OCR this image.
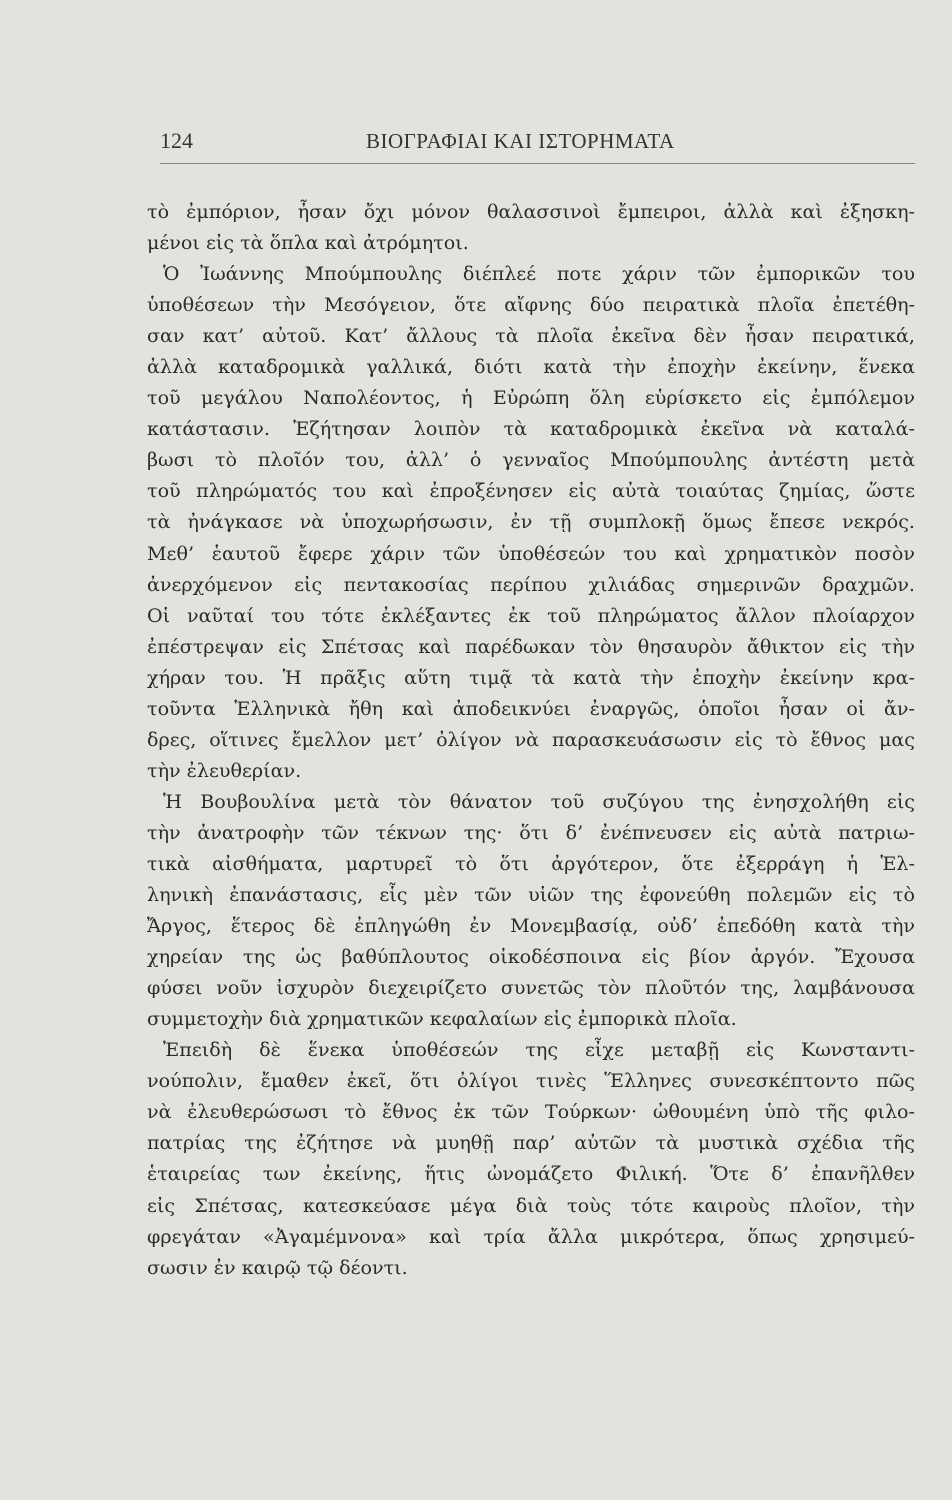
124	ΒΙΟΓΡΑΦΙΑΙ ΚΑΙ ΙΣΤΟΡΗΜΑΤΑ
τὸ ἐμπόριον, ἦσαν ὄχι μόνον θαλασσινοὶ ἔμπειροι, ἀλλὰ καὶ ἐξησκη-
μένοι εἰς τὰ ὅπλα καὶ ἀτρόμητοι.
Ὁ Ἰωάννης Μπούμπουλης διέπλεέ ποτε χάριν τῶν ἐμπορικῶν του
ὑποθέσεων τὴν Μεσόγειον, ὅτε αἴφνης δύο πειρατικὰ πλοῖα ἐπετέθη-
σαν κατ’ αὐτοῦ. Κατ’ ἄλλους τὰ πλοῖα ἐκεῖνα δὲν ἦσαν πειρατικά,
ἀλλὰ καταδρομικὰ γαλλικά, διότι κατὰ τὴν ἐποχὴν ἐκείνην, ἕνεκα
τοῦ μεγάλου Ναπολέοντος, ἡ Εὐρώπη ὅλη εὑρίσκετο εἰς ἐμπόλεμον
κατάστασιν. Ἐζήτησαν λοιπὸν τὰ καταδρομικὰ ἐκεῖνα νὰ καταλά-
βωσι τὸ πλοῖόν του, ἀλλ’ ὁ γενναῖος Μπούμπουλης ἀντέστη μετὰ
τοῦ πληρώματός του καὶ ἐπροξένησεν εἰς αὐτὰ τοιαύτας ζημίας, ὥστε
τὰ ἠνάγκασε νὰ ὑποχωρήσωσιν, ἐν τῇ συμπλοκῇ ὅμως ἔπεσε νεκρός.
Μεθ’ ἑαυτοῦ ἔφερε χάριν τῶν ὑποθέσεών του καὶ χρηματικὸν ποσὸν
ἀνερχόμενον εἰς πεντακοσίας περίπου χιλιάδας σημερινῶν δραχμῶν.
Οἱ ναῦταί του τότε ἐκλέξαντες ἐκ τοῦ πληρώματος ἄλλον πλοίαρχον
ἐπέστρεψαν εἰς Σπέτσας καὶ παρέδωκαν τὸν θησαυρὸν ἄθικτον εἰς τὴν
χήραν του. Ἡ πρᾶξις αὕτη τιμᾷ τὰ κατὰ τὴν ἐποχὴν ἐκείνην κρα-
τοῦντα Ἑλληνικὰ ἤθη καὶ ἀποδεικνύει ἐναργῶς, ὁποῖοι ἦσαν οἱ ἄν-
δρες, οἵτινες ἔμελλον μετ’ ὀλίγον νὰ παρασκευάσωσιν εἰς τὸ ἔθνος μας
τὴν ἐλευθερίαν.
Ἡ Βουβουλίνα μετὰ τὸν θάνατον τοῦ συζύγου της ἐνησχολήθη εἰς
τὴν ἀνατροφὴν τῶν τέκνων της· ὅτι δ’ ἐνέπνευσεν εἰς αὐτὰ πατριω-
τικὰ αἰσθήματα, μαρτυρεῖ τὸ ὅτι ἀργότερον, ὅτε ἐξερράγη ἡ Ἑλ-
ληνικὴ ἐπανάστασις, εἷς μὲν τῶν υἱῶν της ἐφονεύθη πολεμῶν εἰς τὸ
Ἄργος, ἕτερος δὲ ἐπληγώθη ἐν Μονεμβασίᾳ, οὐδ’ ἐπεδόθη κατὰ τὴν
χηρείαν της ὡς βαθύπλουτος οἰκοδέσποινα εἰς βίον ἀργόν. Ἔχουσα
φύσει νοῦν ἰσχυρὸν διεχειρίζετο συνετῶς τὸν πλοῦτόν της, λαμβάνουσα
συμμετοχὴν διὰ χρηματικῶν κεφαλαίων εἰς ἐμπορικὰ πλοῖα.
Ἐπειδὴ δὲ ἕνεκα ὑποθέσεών της εἶχε μεταβῇ εἰς Κωνσταντι-
νούπολιν, ἔμαθεν ἐκεῖ, ὅτι ὀλίγοι τινὲς Ἕλληνες συνεσκέπτοντο πῶς
νὰ ἐλευθερώσωσι τὸ ἔθνος ἐκ τῶν Τούρκων· ὠθουμένη ὑπὸ τῆς φιλο-
πατρίας της ἐζήτησε νὰ μυηθῇ παρ’ αὐτῶν τὰ μυστικὰ σχέδια τῆς
ἑταιρείας των ἐκείνης, ἥτις ὠνομάζετο Φιλική. Ὅτε δ’ ἐπανῆλθεν
εἰς Σπέτσας, κατεσκεύασε μέγα διὰ τοὺς τότε καιροὺς πλοῖον, τὴν
φρεγάταν «Ἀγαμέμνονα» καὶ τρία ἄλλα μικρότερα, ὅπως χρησιμεύ-
σωσιν ἐν καιρῷ τῷ δέοντι.
